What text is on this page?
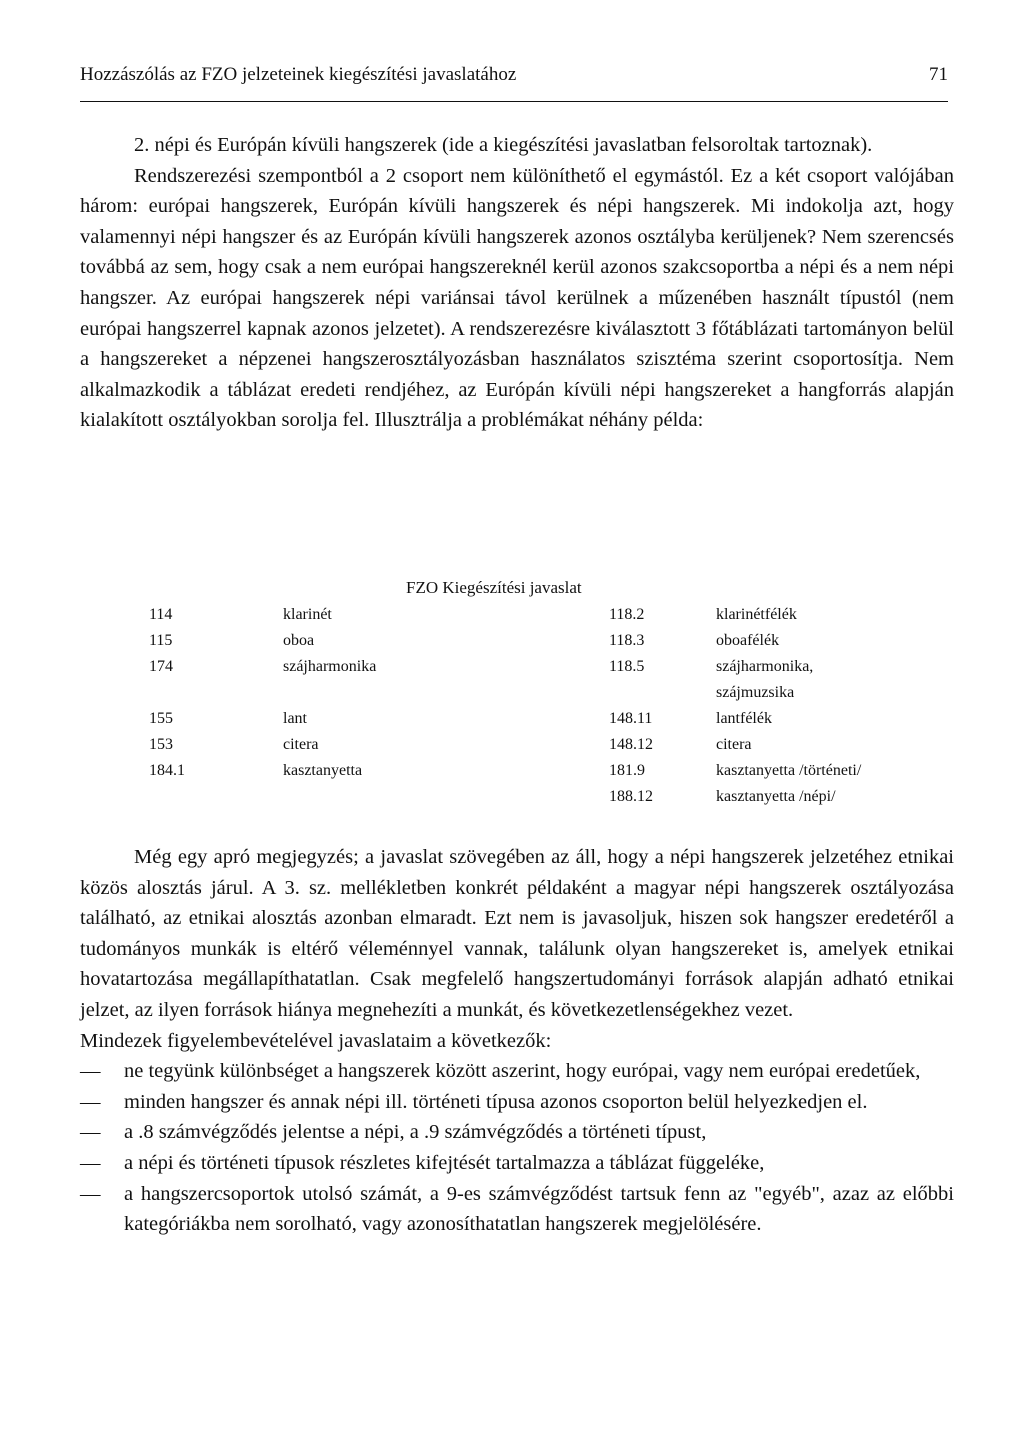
Hozzászólás az FZO jelzeteinek kiegészítési javaslatához	71

2. népi és Európán kívüli hangszerek (ide a kiegészítési javaslatban felsoroltak tartoznak).

Rendszerezési szempontból a 2 csoport nem különíthető el egymástól. Ez a két csoport valójában három: európai hangszerek, Európán kívüli hangszerek és népi hangszerek. Mi indokolja azt, hogy valamennyi népi hangszer és az Európán kívüli hangszerek azonos osztályba kerüljenek? Nem szerencsés továbbá az sem, hogy csak a nem európai hangszereknél kerül azonos szakcsoportba a népi és a nem népi hangszer. Az európai hangszerek népi variánsai távol kerülnek a műzenében használt típustól (nem európai hangszerrel kapnak azonos jelzetet). A rendszerezésre kiválasztott 3 főtáblázati tartományon belül a hangszereket a népzenei hangszerosztályozásban használatos szisztéma szerint csoportosítja. Nem alkalmazkodik a táblázat eredeti rendjéhez, az Európán kívüli népi hangszereket a hangforrás alapján kialakított osztályokban sorolja fel. Illusztrálja a problémákat néhány példa:

FZO Kiegészítési javaslat
114	klarinét	118.2	klarinétfélék
115	oboa	118.3	oboafélék
174	szájharmonika	118.5	szájharmonika,
szájmuzsika
155	lant	148.11	lantfélék
153	citera	148.12	citera
184.1	kasztanyetta	181.9	kasztanyetta /történeti/
188.12	kasztanyetta /népi/

Még egy apró megjegyzés; a javaslat szövegében az áll, hogy a népi hangszerek jelzetéhez etnikai közös alosztás járul. A 3. sz. mellékletben konkrét példaként a magyar népi hangszerek osztályozása található, az etnikai alosztás azonban elmaradt. Ezt nem is javasoljuk, hiszen sok hangszer eredetéről a tudományos munkák is eltérő véleménnyel vannak, találunk olyan hangszereket is, amelyek etnikai hovatartozása megállapíthatatlan. Csak megfelelő hangszertudományi források alapján adható etnikai jelzet, az ilyen források hiánya megnehezíti a munkát, és következetlenségekhez vezet.

Mindezek figyelembevételével javaslataim a következők:

— ne tegyünk különbséget a hangszerek között aszerint, hogy európai, vagy nem európai eredetűek,
— minden hangszer és annak népi ill. történeti típusa azonos csoporton belül helyezkedjen el.
— a .8 számvégződés jelentse a népi, a .9 számvégződés a történeti típust,
— a népi és történeti típusok részletes kifejtését tartalmazza a táblázat függeléke,
— a hangszercsoportok utolsó számát, a 9-es számvégződést tartsuk fenn az "egyéb", azaz az előbbi kategóriákba nem sorolható, vagy azonosíthatatlan hangszerek megjelölésére.
